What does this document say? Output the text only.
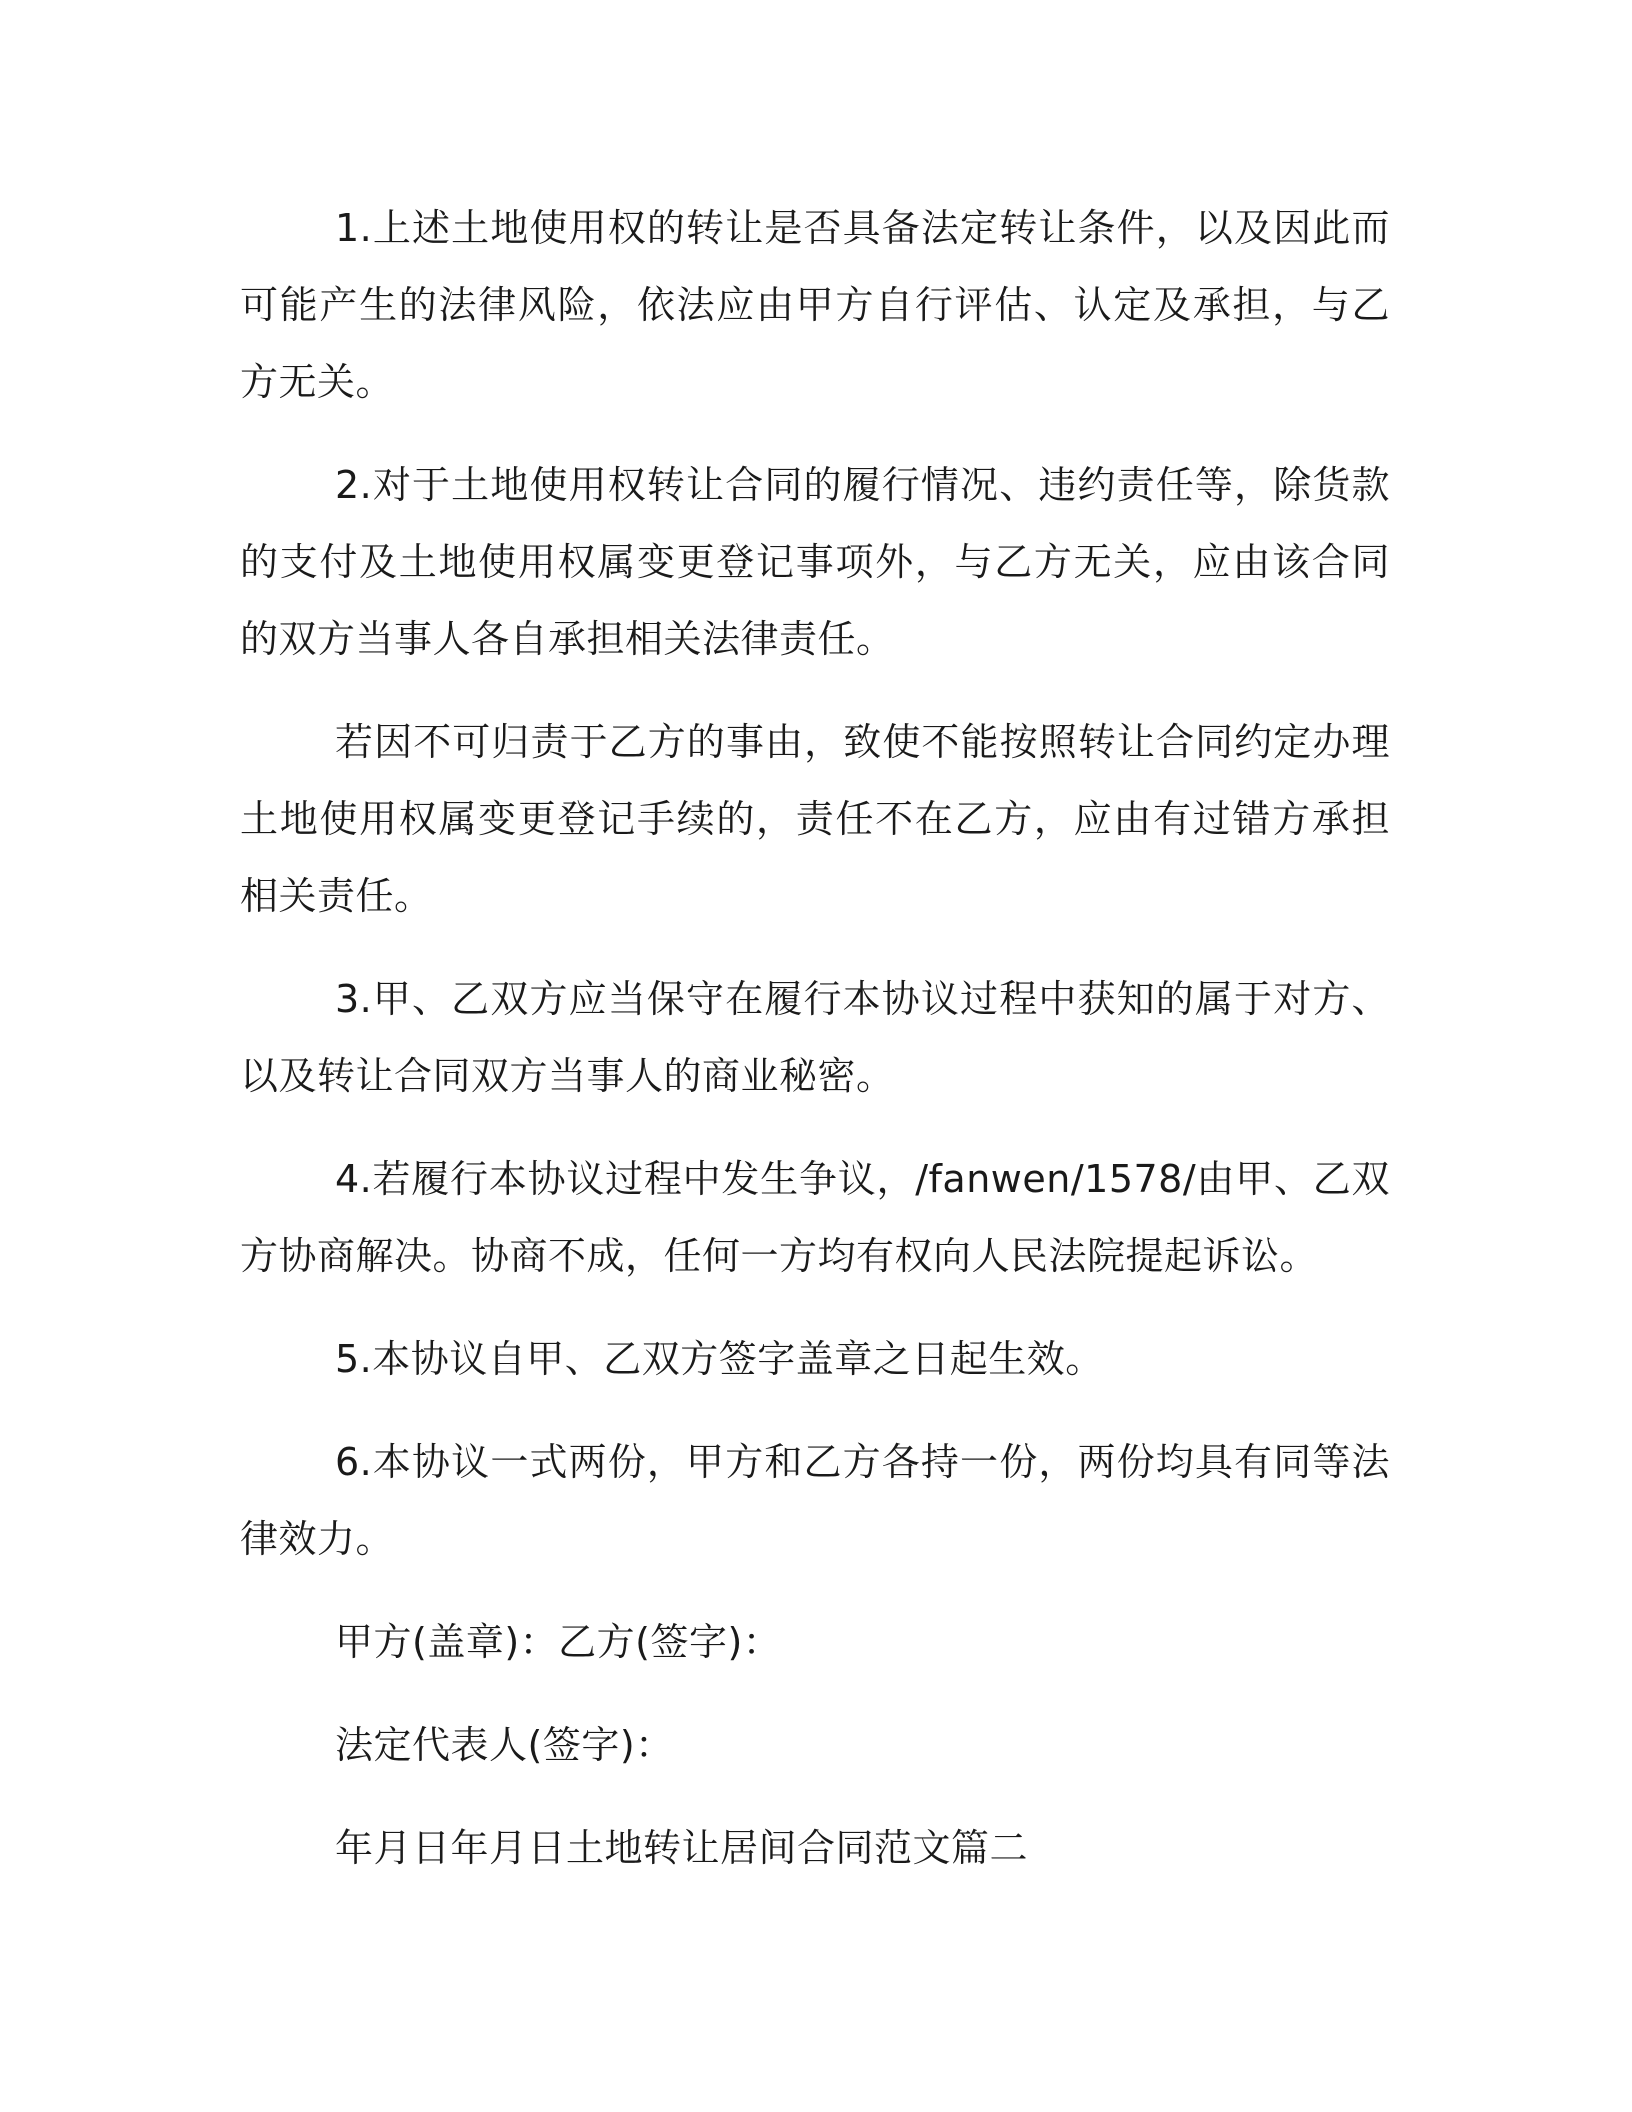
1.上述土地使用权的转让是否具备法定转让条件，以及因此而可能产生的法律风险，依法应由甲方自行评估、认定及承担，与乙方无关。

2.对于土地使用权转让合同的履行情况、违约责任等，除货款的支付及土地使用权属变更登记事项外，与乙方无关，应由该合同的双方当事人各自承担相关法律责任。

若因不可归责于乙方的事由，致使不能按照转让合同约定办理土地使用权属变更登记手续的，责任不在乙方，应由有过错方承担相关责任。

3.甲、乙双方应当保守在履行本协议过程中获知的属于对方、以及转让合同双方当事人的商业秘密。

4.若履行本协议过程中发生争议，/fanwen/1578/由甲、乙双方协商解决。协商不成，任何一方均有权向人民法院提起诉讼。

5.本协议自甲、乙双方签字盖章之日起生效。

6.本协议一式两份，甲方和乙方各持一份，两份均具有同等法律效力。

甲方(盖章)：乙方(签字)：

法定代表人(签字)：

年月日年月日土地转让居间合同范文篇二
